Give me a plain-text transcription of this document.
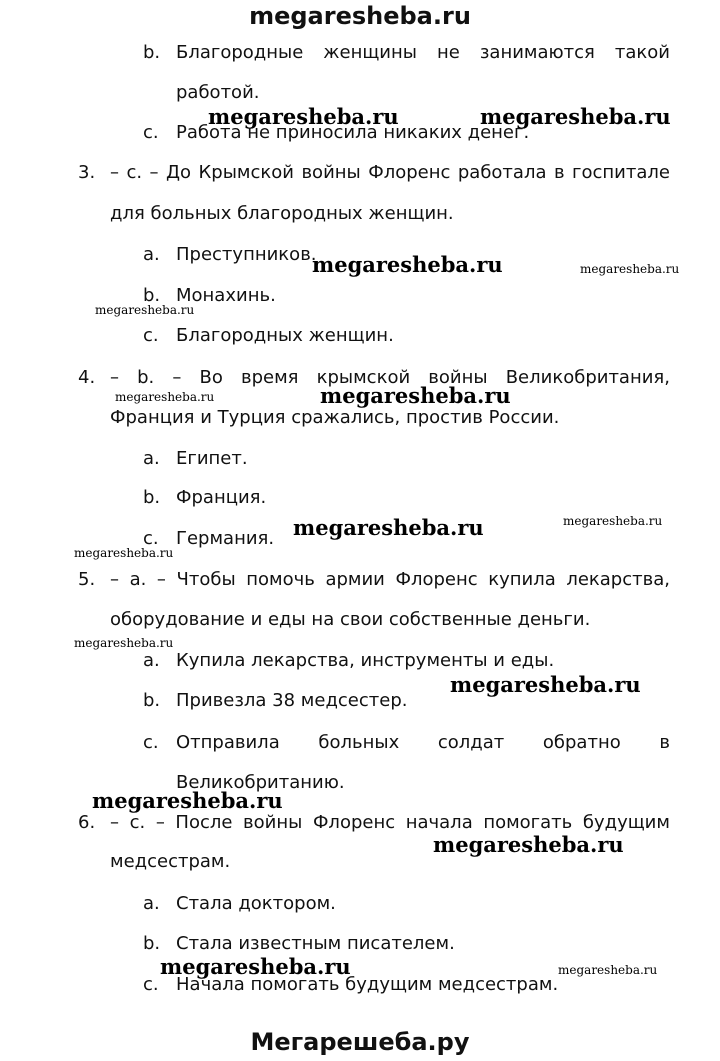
megaresheba.ru
b. Благородные женщины не занимаются такой
работой.
megaresheba.ru	megaresheba.ru
c. Работа не приносила никаких денег.
3. – c. – До Крымской войны Флоренс работала в госпитале
для больных благородных женщин.
a. Преступников.
megaresheba.ru	megaresheba.ru
b. Монахинь.
megaresheba.ru
c. Благородных женщин.
4. – b. – Во время крымской войны Великобритания,
megaresheba.ru	megaresheba.ru
Франция и Турция сражались, простив России.
a. Египет.
b. Франция.
megaresheba.ru	megaresheba.ru
c. Германия.
megaresheba.ru
5. – a. – Чтобы помочь армии Флоренс купила лекарства,
оборудование и еды на свои собственные деньги.
megaresheba.ru
a. Купила лекарства, инструменты и еды.
megaresheba.ru
b. Привезла 38 медсестер.
c. Отправила больных солдат обратно в
Великобританию.
megaresheba.ru
6. – c. – После войны Флоренс начала помогать будущим
megaresheba.ru
медсестрам.
a. Стала доктором.
b. Стала известным писателем.
megaresheba.ru	megaresheba.ru
c. Начала помогать будущим медсестрам.
Мегарешеба.ру
